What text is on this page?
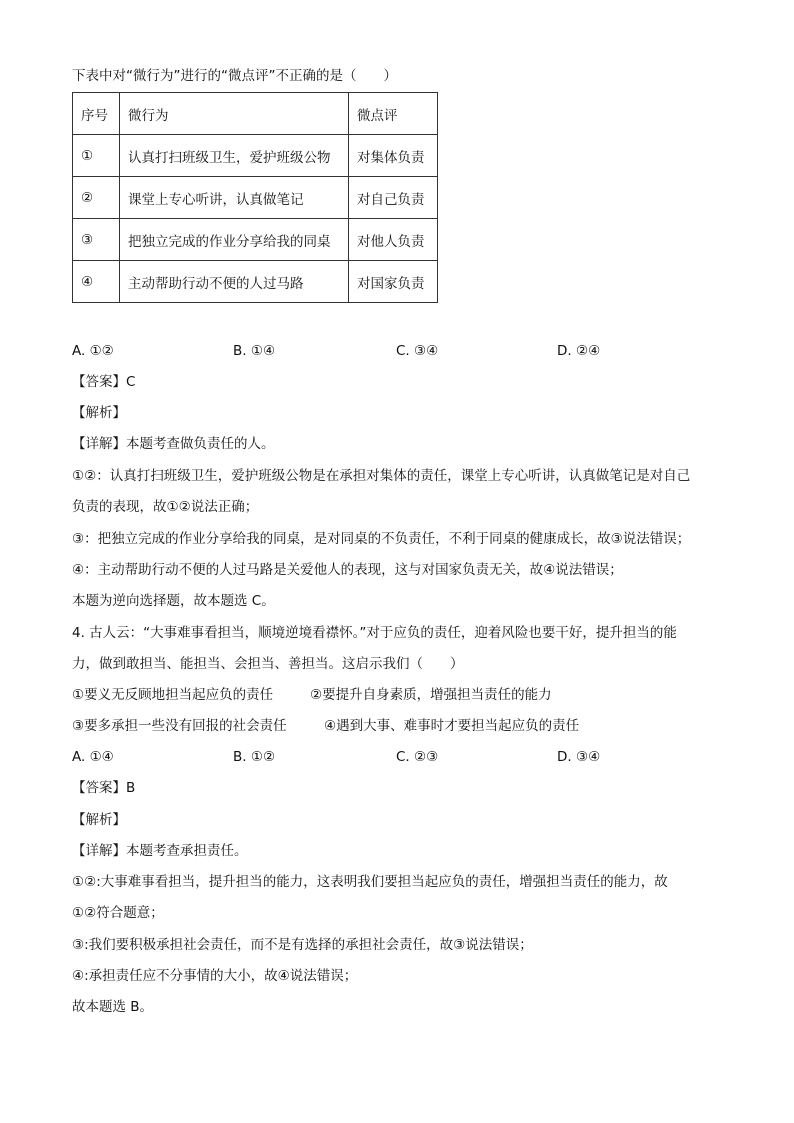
下表中对“微行为”进行的“微点评”不正确的是（　　）
序号	微行为	微点评
①	认真打扫班级卫生，爱护班级公物	对集体负责
②	课堂上专心听讲，认真做笔记	对自己负责
③	把独立完成的作业分享给我的同桌	对他人负责
④	主动帮助行动不便的人过马路	对国家负责
A. ①②	B. ①④	C. ③④	D. ②④
【答案】C
【解析】
【详解】本题考查做负责任的人。
①②：认真打扫班级卫生，爱护班级公物是在承担对集体的责任，课堂上专心听讲，认真做笔记是对自己
负责的表现，故①②说法正确；
③：把独立完成的作业分享给我的同桌，是对同桌的不负责任，不利于同桌的健康成长，故③说法错误；
④：主动帮助行动不便的人过马路是关爱他人的表现，这与对国家负责无关，故④说法错误；
本题为逆向选择题，故本题选 C。
4. 古人云：“大事难事看担当，顺境逆境看襟怀。”对于应负的责任，迎着风险也要干好，提升担当的能
力，做到敢担当、能担当、会担当、善担当。这启示我们（　　）
①要义无反顾地担当起应负的责任	②要提升自身素质，增强担当责任的能力
③要多承担一些没有回报的社会责任	④遇到大事、难事时才要担当起应负的责任
A. ①④	B. ①②	C. ②③	D. ③④
【答案】B
【解析】
【详解】本题考查承担责任。
①②:大事难事看担当，提升担当的能力，这表明我们要担当起应负的责任，增强担当责任的能力，故
①②符合题意；
③:我们要积极承担社会责任，而不是有选择的承担社会责任，故③说法错误；
④:承担责任应不分事情的大小，故④说法错误；
故本题选 B。
